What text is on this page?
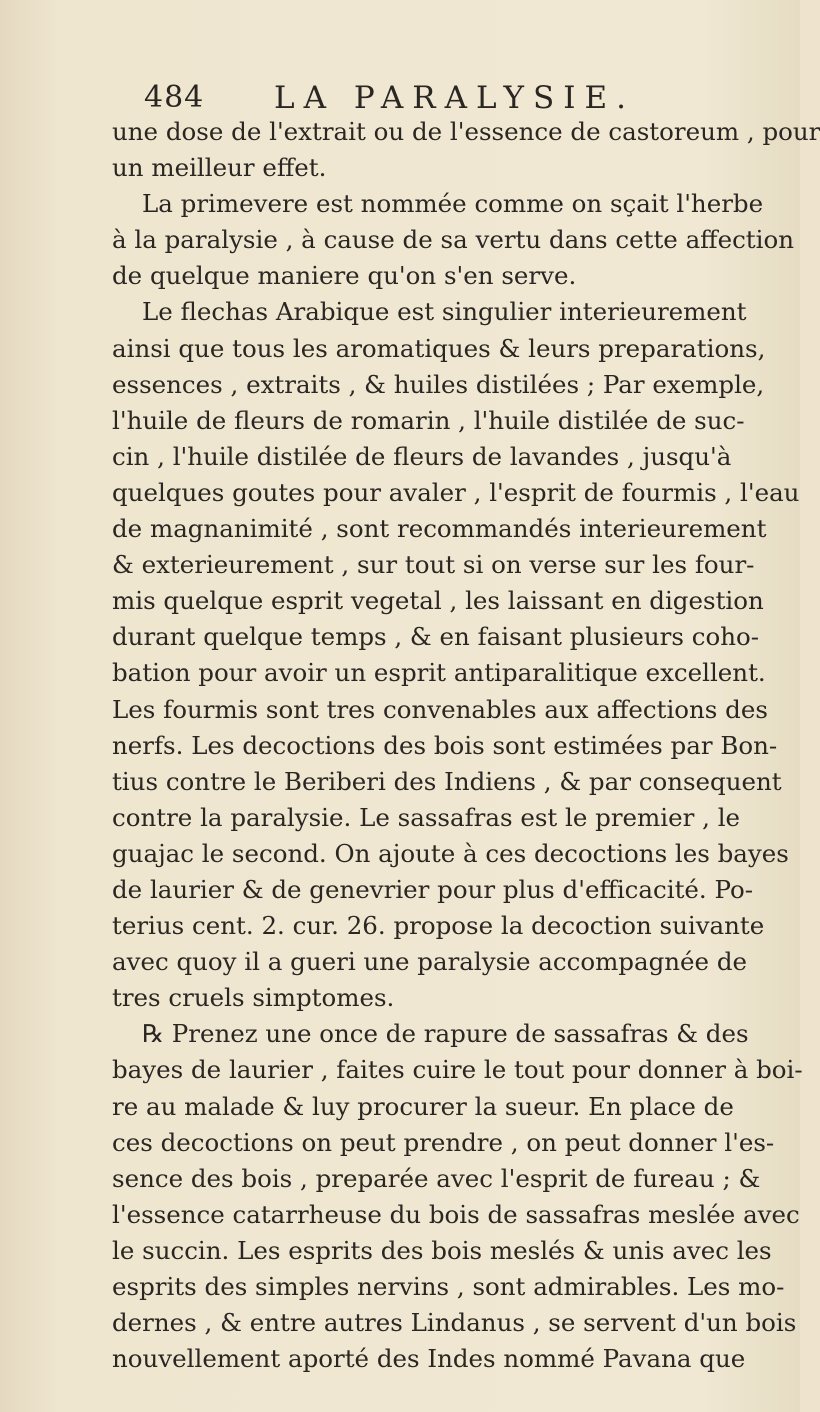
484 LA PARALYSIE.
une dose de l'extrait ou de l'essence de castoreum , pour
un meilleur effet.
La primevere est nommée comme on sçait l'herbe
à la paralysie , à cause de sa vertu dans cette affection
de quelque maniere qu'on s'en serve.
Le flechas Arabique est singulier interieurement
ainsi que tous les aromatiques & leurs preparations,
essences , extraits , & huiles distilées ; Par exemple,
l'huile de fleurs de romarin , l'huile distilée de suc-
cin , l'huile distilée de fleurs de lavandes , jusqu'à
quelques goutes pour avaler , l'esprit de fourmis , l'eau
de magnanimité , sont recommandés interieurement
& exterieurement , sur tout si on verse sur les four-
mis quelque esprit vegetal , les laissant en digestion
durant quelque temps , & en faisant plusieurs coho-
bation pour avoir un esprit antiparalitique excellent.
Les fourmis sont tres convenables aux affections des
nerfs. Les decoctions des bois sont estimées par Bon-
tius contre le Beriberi des Indiens , & par consequent
contre la paralysie. Le sassafras est le premier , le
guajac le second. On ajoute à ces decoctions les bayes
de laurier & de genevrier pour plus d'efficacité. Po-
terius cent. 2. cur. 26. propose la decoction suivante
avec quoy il a gueri une paralysie accompagnée de
tres cruels simptomes.
℞ Prenez une once de rapure de sassafras & des
bayes de laurier , faites cuire le tout pour donner à boi-
re au malade & luy procurer la sueur. En place de
ces decoctions on peut prendre , on peut donner l'es-
sence des bois , preparée avec l'esprit de fureau ; &
l'essence catarrheuse du bois de sassafras meslée avec
le succin. Les esprits des bois meslés & unis avec les
esprits des simples nervins , sont admirables. Les mo-
dernes , & entre autres Lindanus , se servent d'un bois
nouvellement aporté des Indes nommé Pavana que
